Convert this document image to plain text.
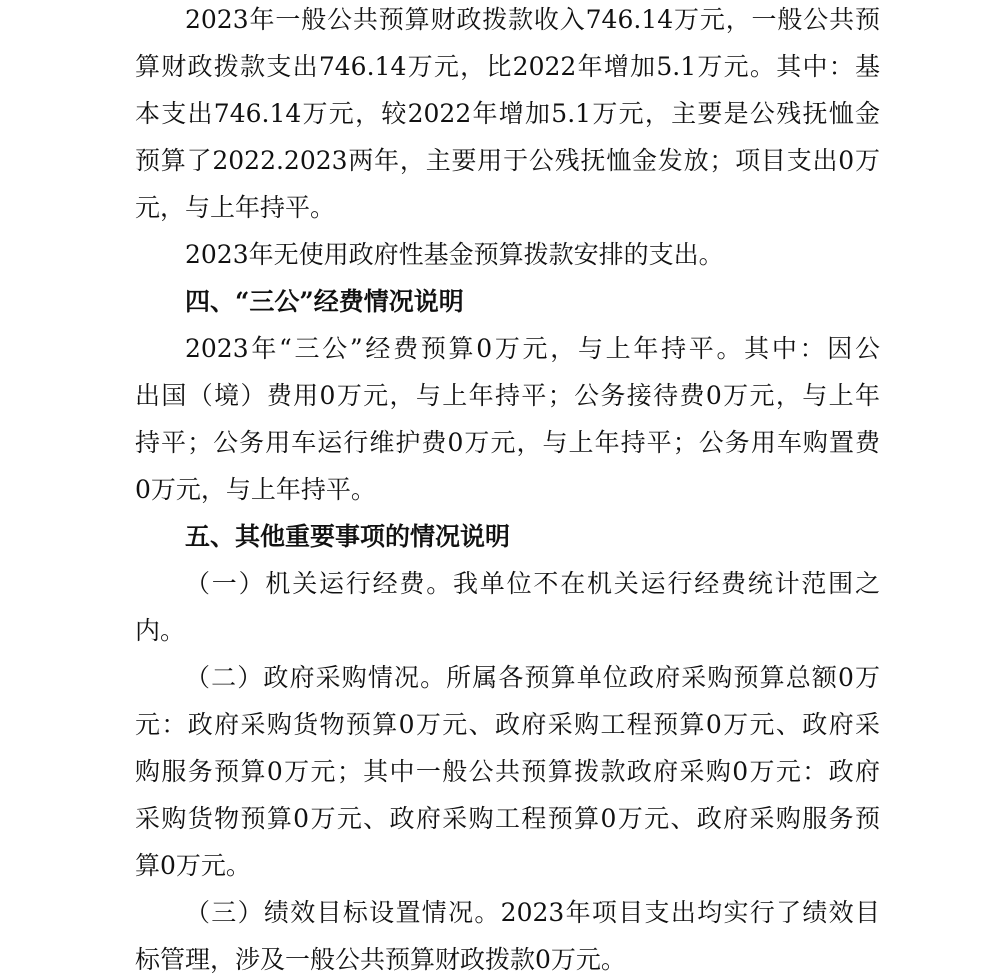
2023年一般公共预算财政拨款收入746.14万元，一般公共预
算财政拨款支出746.14万元，比2022年增加5.1万元。其中：基
本支出746.14万元，较2022年增加5.1万元，主要是公残抚恤金
预算了2022.2023两年，主要用于公残抚恤金发放；项目支出0万
元，与上年持平。
2023年无使用政府性基金预算拨款安排的支出。
四、“三公”经费情况说明
2023年“三公”经费预算0万元，与上年持平。其中：因公
出国（境）费用0万元，与上年持平；公务接待费0万元，与上年
持平；公务用车运行维护费0万元，与上年持平；公务用车购置费
0万元，与上年持平。
五、其他重要事项的情况说明
（一）机关运行经费。我单位不在机关运行经费统计范围之
内。
（二）政府采购情况。所属各预算单位政府采购预算总额0万
元：政府采购货物预算0万元、政府采购工程预算0万元、政府采
购服务预算0万元；其中一般公共预算拨款政府采购0万元：政府
采购货物预算0万元、政府采购工程预算0万元、政府采购服务预
算0万元。
（三）绩效目标设置情况。2023年项目支出均实行了绩效目
标管理，涉及一般公共预算财政拨款0万元。
